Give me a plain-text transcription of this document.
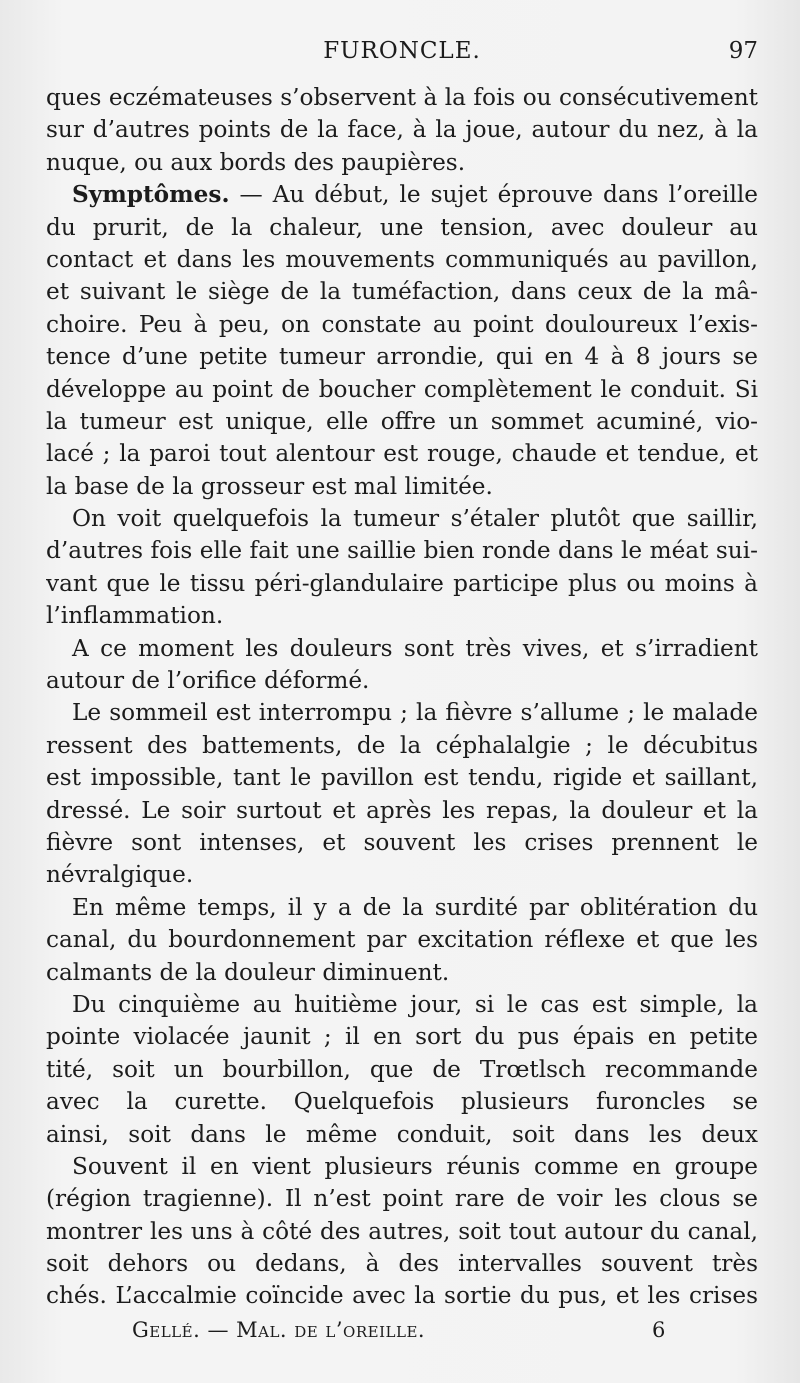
FURONCLE.	97
ques eczémateuses s’observent à la fois ou consécutivement
sur d’autres points de la face, à la joue, autour du nez, à la
nuque, ou aux bords des paupières.
Symptômes. — Au début, le sujet éprouve dans l’oreille
du prurit, de la chaleur, une tension, avec douleur au
contact et dans les mouvements communiqués au pavillon,
et suivant le siège de la tuméfaction, dans ceux de la mâ-
choire. Peu à peu, on constate au point douloureux l’exis-
tence d’une petite tumeur arrondie, qui en 4 à 8 jours se
développe au point de boucher complètement le conduit. Si
la tumeur est unique, elle offre un sommet acuminé, vio-
lacé ; la paroi tout alentour est rouge, chaude et tendue, et
la base de la grosseur est mal limitée.
On voit quelquefois la tumeur s’étaler plutôt que saillir,
d’autres fois elle fait une saillie bien ronde dans le méat sui-
vant que le tissu péri-glandulaire participe plus ou moins à
l’inflammation.
A ce moment les douleurs sont très vives, et s’irradient
autour de l’orifice déformé.
Le sommeil est interrompu ; la fièvre s’allume ; le malade
ressent des battements, de la céphalalgie ; le décubitus
est impossible, tant le pavillon est tendu, rigide et saillant,
dressé. Le soir surtout et après les repas, la douleur et la
fièvre sont intenses, et souvent les crises prennent le
névralgique.
En même temps, il y a de la surdité par oblitération du
canal, du bourdonnement par excitation réflexe et que les
calmants de la douleur diminuent.
Du cinquième au huitième jour, si le cas est simple, la
pointe violacée jaunit ; il en sort du pus épais en petite
tité, soit un bourbillon, que de Trœtlsch recommande
avec la curette. Quelquefois plusieurs furoncles se
ainsi, soit dans le même conduit, soit dans les deux
Souvent il en vient plusieurs réunis comme en groupe
(région tragienne). Il n’est point rare de voir les clous se
montrer les uns à côté des autres, soit tout autour du canal,
soit dehors ou dedans, à des intervalles souvent très
chés. L’accalmie coïncide avec la sortie du pus, et les crises
Gellé. — Mal. de l’oreille.	6
